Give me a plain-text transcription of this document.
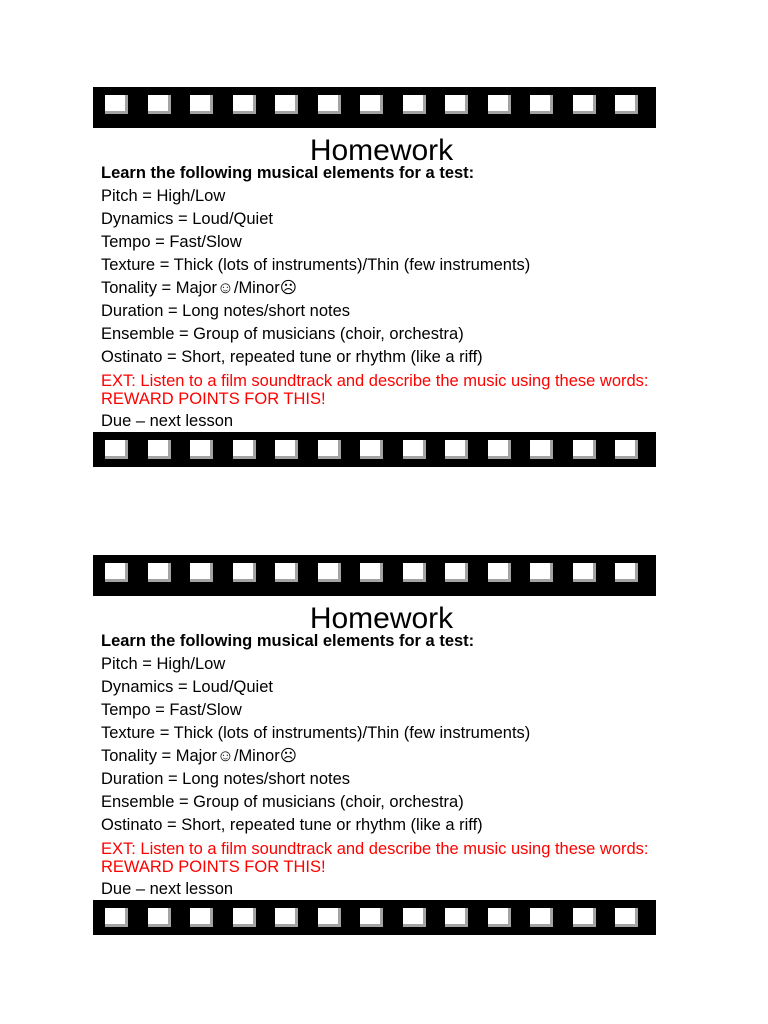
Homework
Learn the following musical elements for a test:
Pitch = High/Low
Dynamics = Loud/Quiet
Tempo = Fast/Slow
Texture = Thick (lots of instruments)/Thin (few instruments)
Tonality = Major☺/Minor☹
Duration = Long notes/short notes
Ensemble = Group of musicians (choir, orchestra)
Ostinato = Short, repeated tune or rhythm (like a riff)
EXT: Listen to a film soundtrack and describe the music using these words: REWARD POINTS FOR THIS!
Due – next lesson
Homework
Learn the following musical elements for a test:
Pitch = High/Low
Dynamics = Loud/Quiet
Tempo = Fast/Slow
Texture = Thick (lots of instruments)/Thin (few instruments)
Tonality = Major☺/Minor☹
Duration = Long notes/short notes
Ensemble = Group of musicians (choir, orchestra)
Ostinato = Short, repeated tune or rhythm (like a riff)
EXT: Listen to a film soundtrack and describe the music using these words: REWARD POINTS FOR THIS!
Due – next lesson
